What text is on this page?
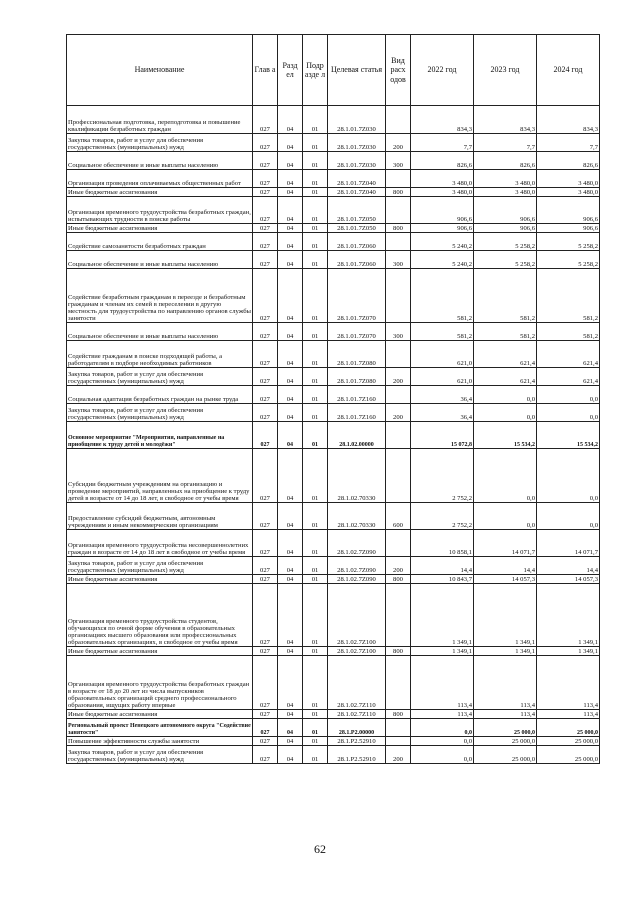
Наименование	Глав а	Разд ел	Подр азде л	Целевая статья	Вид расх одов	2022 год	2023 год	2024 год
Профессиональная подготовка, переподготовка и повышение квалификации безработных граждан	027	04	01	28.1.01.7Z030		834,3	834,3	834,3
Закупка товаров, работ и услуг для обеспечения государственных (муниципальных) нужд	027	04	01	28.1.01.7Z030	200	7,7	7,7	7,7
Социальное обеспечение и иные выплаты населению	027	04	01	28.1.01.7Z030	300	826,6	826,6	826,6
Организация проведения оплачиваемых общественных работ	027	04	01	28.1.01.7Z040		3 480,0	3 480,0	3 480,0
Иные бюджетные ассигнования	027	04	01	28.1.01.7Z040	800	3 480,0	3 480,0	3 480,0
Организация временного трудоустройства безработных граждан, испытывающих трудности в поиске работы	027	04	01	28.1.01.7Z050		906,6	906,6	906,6
Иные бюджетные ассигнования	027	04	01	28.1.01.7Z050	800	906,6	906,6	906,6
Содействие самозанятости безработных граждан	027	04	01	28.1.01.7Z060		5 240,2	5 258,2	5 258,2
Социальное обеспечение и иные выплаты населению	027	04	01	28.1.01.7Z060	300	5 240,2	5 258,2	5 258,2
Содействие безработным гражданам в переезде и безработным гражданам и членам их семей в переселении в другую местность для трудоустройства по направлению органов службы занятости	027	04	01	28.1.01.7Z070		581,2	581,2	581,2
Социальное обеспечение и иные выплаты населению	027	04	01	28.1.01.7Z070	300	581,2	581,2	581,2
Содействие гражданам в поиске подходящей работы, а работодателям в подборе необходимых работников	027	04	01	28.1.01.7Z080		621,0	621,4	621,4
Закупка товаров, работ и услуг для обеспечения государственных (муниципальных) нужд	027	04	01	28.1.01.7Z080	200	621,0	621,4	621,4
Социальная адаптация безработных граждан на рынке труда	027	04	01	28.1.01.7Z160		36,4	0,0	0,0
Закупка товаров, работ и услуг для обеспечения государственных (муниципальных) нужд	027	04	01	28.1.01.7Z160	200	36,4	0,0	0,0
Основное мероприятие "Мероприятия, направленные на приобщение к труду детей и молодёжи"	027	04	01	28.1.02.00000		15 072,8	15 534,2	15 534,2
Субсидии бюджетным учреждениям на организацию и проведение мероприятий, направленных на приобщение к труду детей в возрасте от 14 до 18 лет, в свободное от учебы время	027	04	01	28.1.02.70330		2 752,2	0,0	0,0
Предоставление субсидий бюджетным, автономным учреждениям и иным некоммерческим организациям	027	04	01	28.1.02.70330	600	2 752,2	0,0	0,0
Организация временного трудоустройства несовершеннолетних граждан в возрасте от 14 до 18 лет в свободное от учебы время	027	04	01	28.1.02.7Z090		10 858,1	14 071,7	14 071,7
Закупка товаров, работ и услуг для обеспечения государственных (муниципальных) нужд	027	04	01	28.1.02.7Z090	200	14,4	14,4	14,4
Иные бюджетные ассигнования	027	04	01	28.1.02.7Z090	800	10 843,7	14 057,3	14 057,3
Организация временного трудоустройства студентов, обучающихся по очной форме обучения в образовательных организациях высшего образования или профессиональных образовательных организациях, в свободное от учебы время	027	04	01	28.1.02.7Z100		1 349,1	1 349,1	1 349,1
Иные бюджетные ассигнования	027	04	01	28.1.02.7Z100	800	1 349,1	1 349,1	1 349,1
Организация временного трудоустройства безработных граждан в возрасте от 18 до 20 лет из числа выпускников образовательных организаций среднего профессионального образования, ищущих работу впервые	027	04	01	28.1.02.7Z110		113,4	113,4	113,4
Иные бюджетные ассигнования	027	04	01	28.1.02.7Z110	800	113,4	113,4	113,4
Региональный проект Ненецкого автономного округа "Содействие занятости"	027	04	01	28.1.P2.00000		0,0	25 000,0	25 000,0
Повышение эффективности службы занятости	027	04	01	28.1.P2.52910		0,0	25 000,0	25 000,0
Закупка товаров, работ и услуг для обеспечения государственных (муниципальных) нужд	027	04	01	28.1.P2.52910	200	0,0	25 000,0	25 000,0
62
